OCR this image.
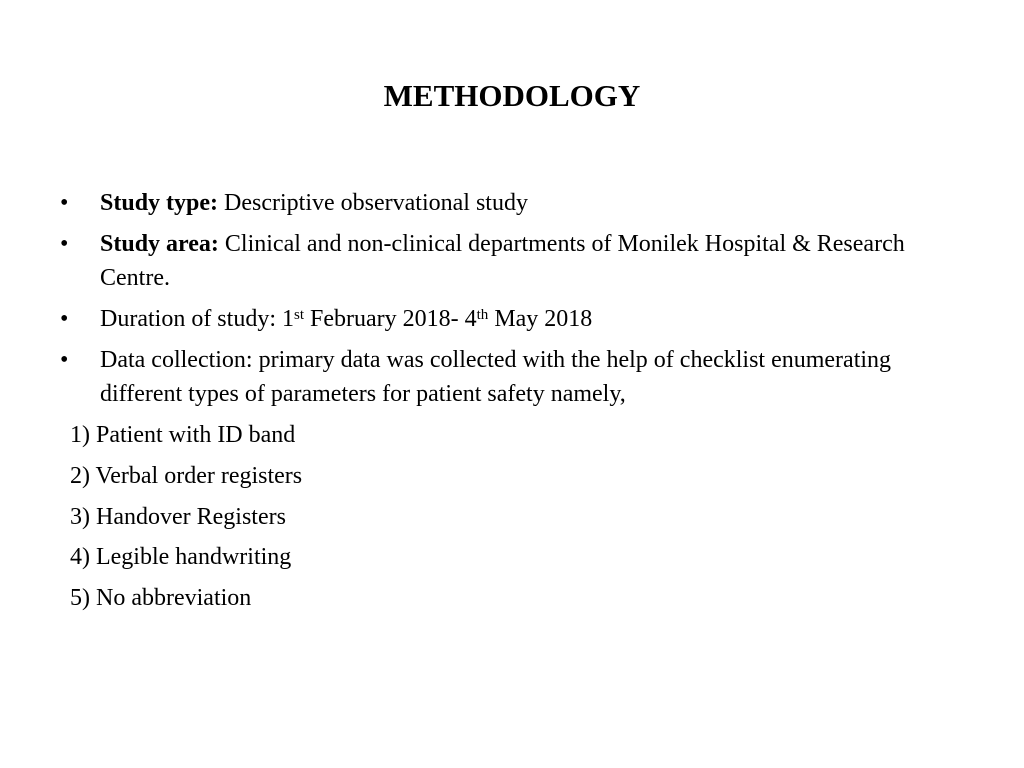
METHODOLOGY
• Study type: Descriptive observational study
• Study area: Clinical and non-clinical departments of Monilek Hospital & Research Centre.
• Duration of study: 1st February 2018- 4th May 2018
• Data collection: primary data was collected with the help of checklist enumerating different types of parameters for patient safety namely,
1) Patient with ID band
2) Verbal order registers
3) Handover Registers
4) Legible handwriting
5) No abbreviation
